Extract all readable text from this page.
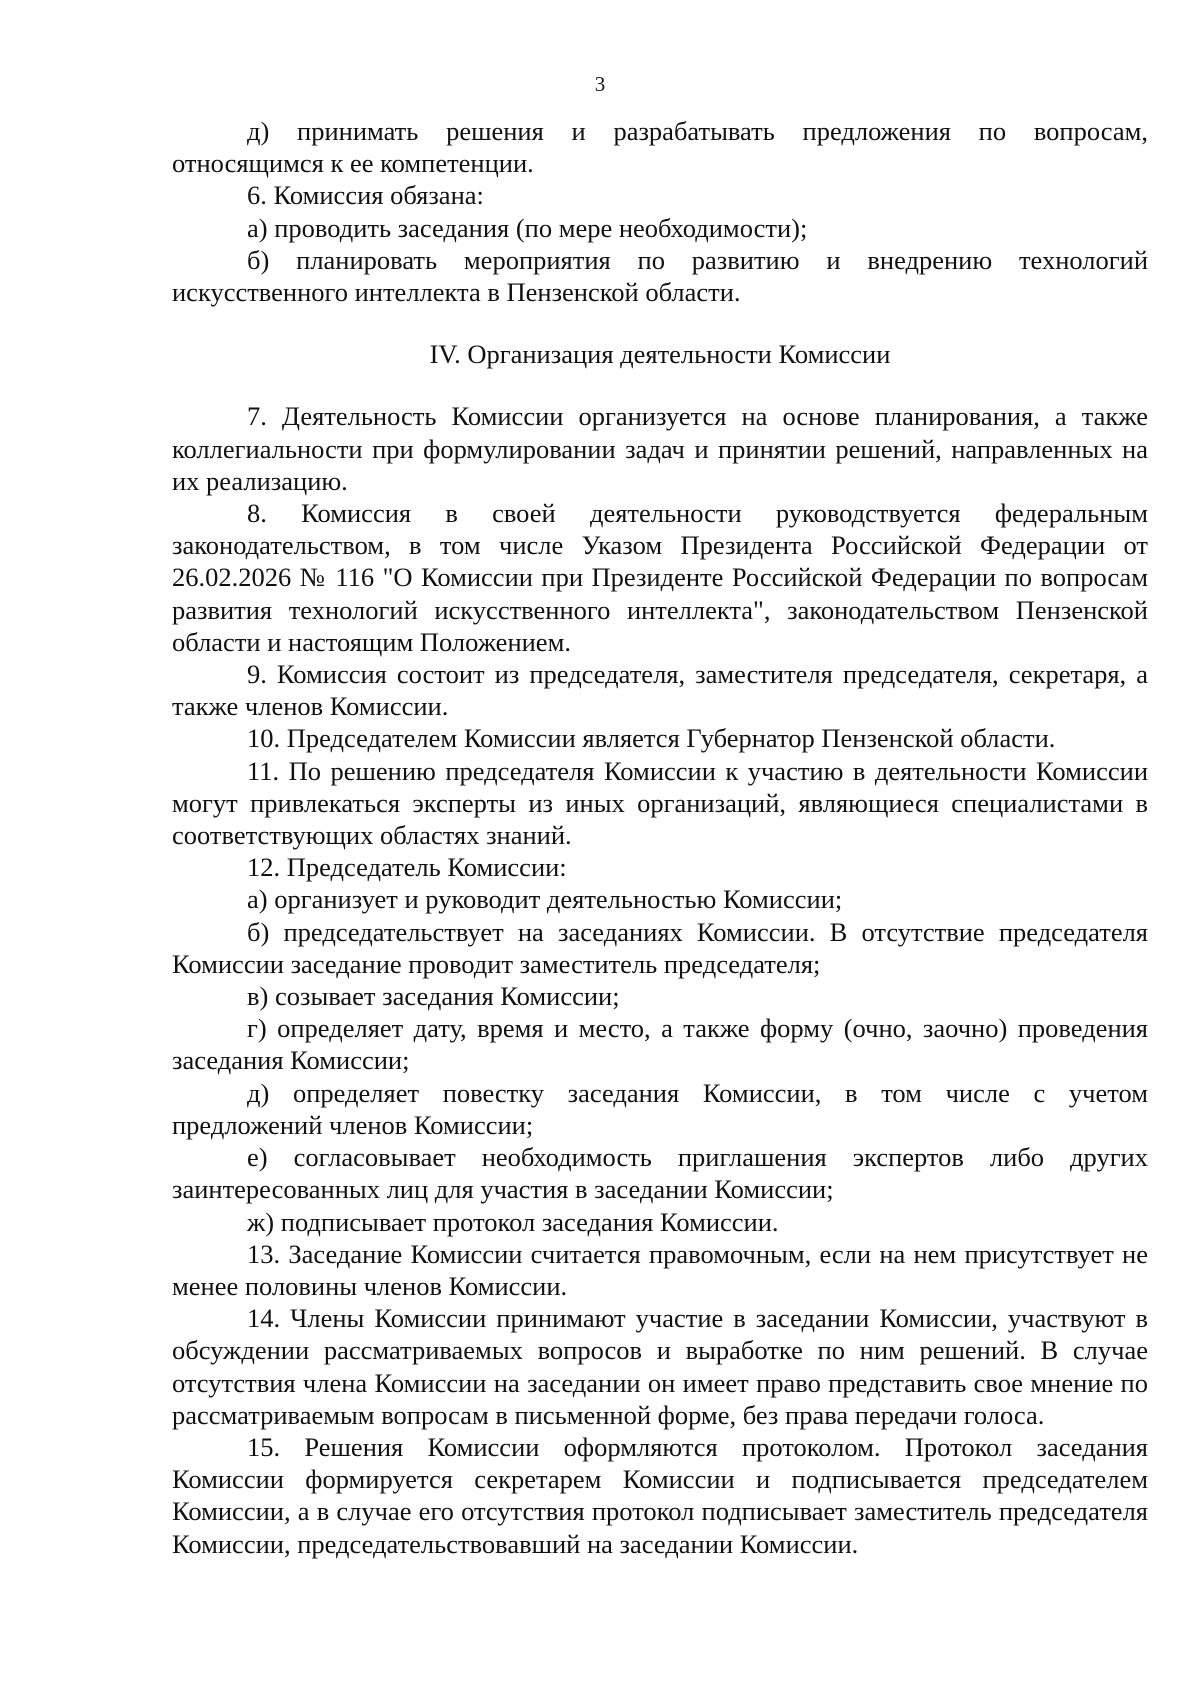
3

д) принимать решения и разрабатывать предложения по вопросам, относящимся к ее компетенции.

6. Комиссия обязана:

а) проводить заседания (по мере необходимости);

б) планировать мероприятия по развитию и внедрению технологий искусственного интеллекта в Пензенской области.

IV. Организация деятельности Комиссии

7. Деятельность Комиссии организуется на основе планирования, а также коллегиальности при формулировании задач и принятии решений, направленных на их реализацию.

8. Комиссия в своей деятельности руководствуется федеральным законодательством, в том числе Указом Президента Российской Федерации от 26.02.2026 № 116 "О Комиссии при Президенте Российской Федерации по вопросам развития технологий искусственного интеллекта", законодательством Пензенской области и настоящим Положением.

9. Комиссия состоит из председателя, заместителя председателя, секретаря, а также членов Комиссии.

10. Председателем Комиссии является Губернатор Пензенской области.

11. По решению председателя Комиссии к участию в деятельности Комиссии могут привлекаться эксперты из иных организаций, являющиеся специалистами в соответствующих областях знаний.

12. Председатель Комиссии:

а) организует и руководит деятельностью Комиссии;

б) председательствует на заседаниях Комиссии. В отсутствие председателя Комиссии заседание проводит заместитель председателя;

в) созывает заседания Комиссии;

г) определяет дату, время и место, а также форму (очно, заочно) проведения заседания Комиссии;

д) определяет повестку заседания Комиссии, в том числе с учетом предложений членов Комиссии;

е) согласовывает необходимость приглашения экспертов либо других заинтересованных лиц для участия в заседании Комиссии;

ж) подписывает протокол заседания Комиссии.

13. Заседание Комиссии считается правомочным, если на нем присутствует не менее половины членов Комиссии.

14. Члены Комиссии принимают участие в заседании Комиссии, участвуют в обсуждении рассматриваемых вопросов и выработке по ним решений. В случае отсутствия члена Комиссии на заседании он имеет право представить свое мнение по рассматриваемым вопросам в письменной форме, без права передачи голоса.

15. Решения Комиссии оформляются протоколом. Протокол заседания Комиссии формируется секретарем Комиссии и подписывается председателем Комиссии, а в случае его отсутствия протокол подписывает заместитель председателя Комиссии, председательствовавший на заседании Комиссии.
